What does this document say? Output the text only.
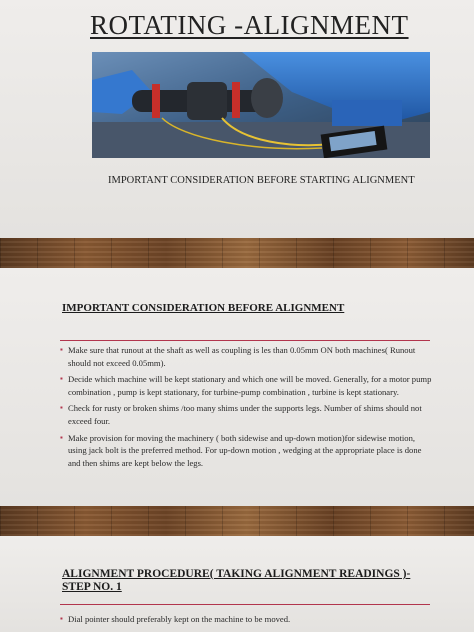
ROTATING -ALIGNMENT
IMPORTANT CONSIDERATION BEFORE STARTING ALIGNMENT
IMPORTANT CONSIDERATION BEFORE ALIGNMENT
▪ Make sure that runout at the shaft as well as coupling is les than 0.05mm ON both machines( Runout should not exceed 0.05mm).
▪ Decide which machine will be kept stationary and which one will be moved. Generally, for a motor pump combination , pump is kept stationary, for turbine-pump combination , turbine is kept stationary.
▪ Check for rusty or broken shims /too many shims under the supports legs. Number of shims should not exceed four.
▪ Make provision for moving the machinery ( both sidewise and up-down motion)for sidewise motion, using jack bolt is the preferred method. For up-down motion , wedging at the appropriate place is done and then shims are kept below the legs.
ALIGNMENT PROCEDURE( TAKING ALIGNMENT READINGS )-STEP NO. 1
▪ Dial pointer should preferably kept on the machine to be moved.
